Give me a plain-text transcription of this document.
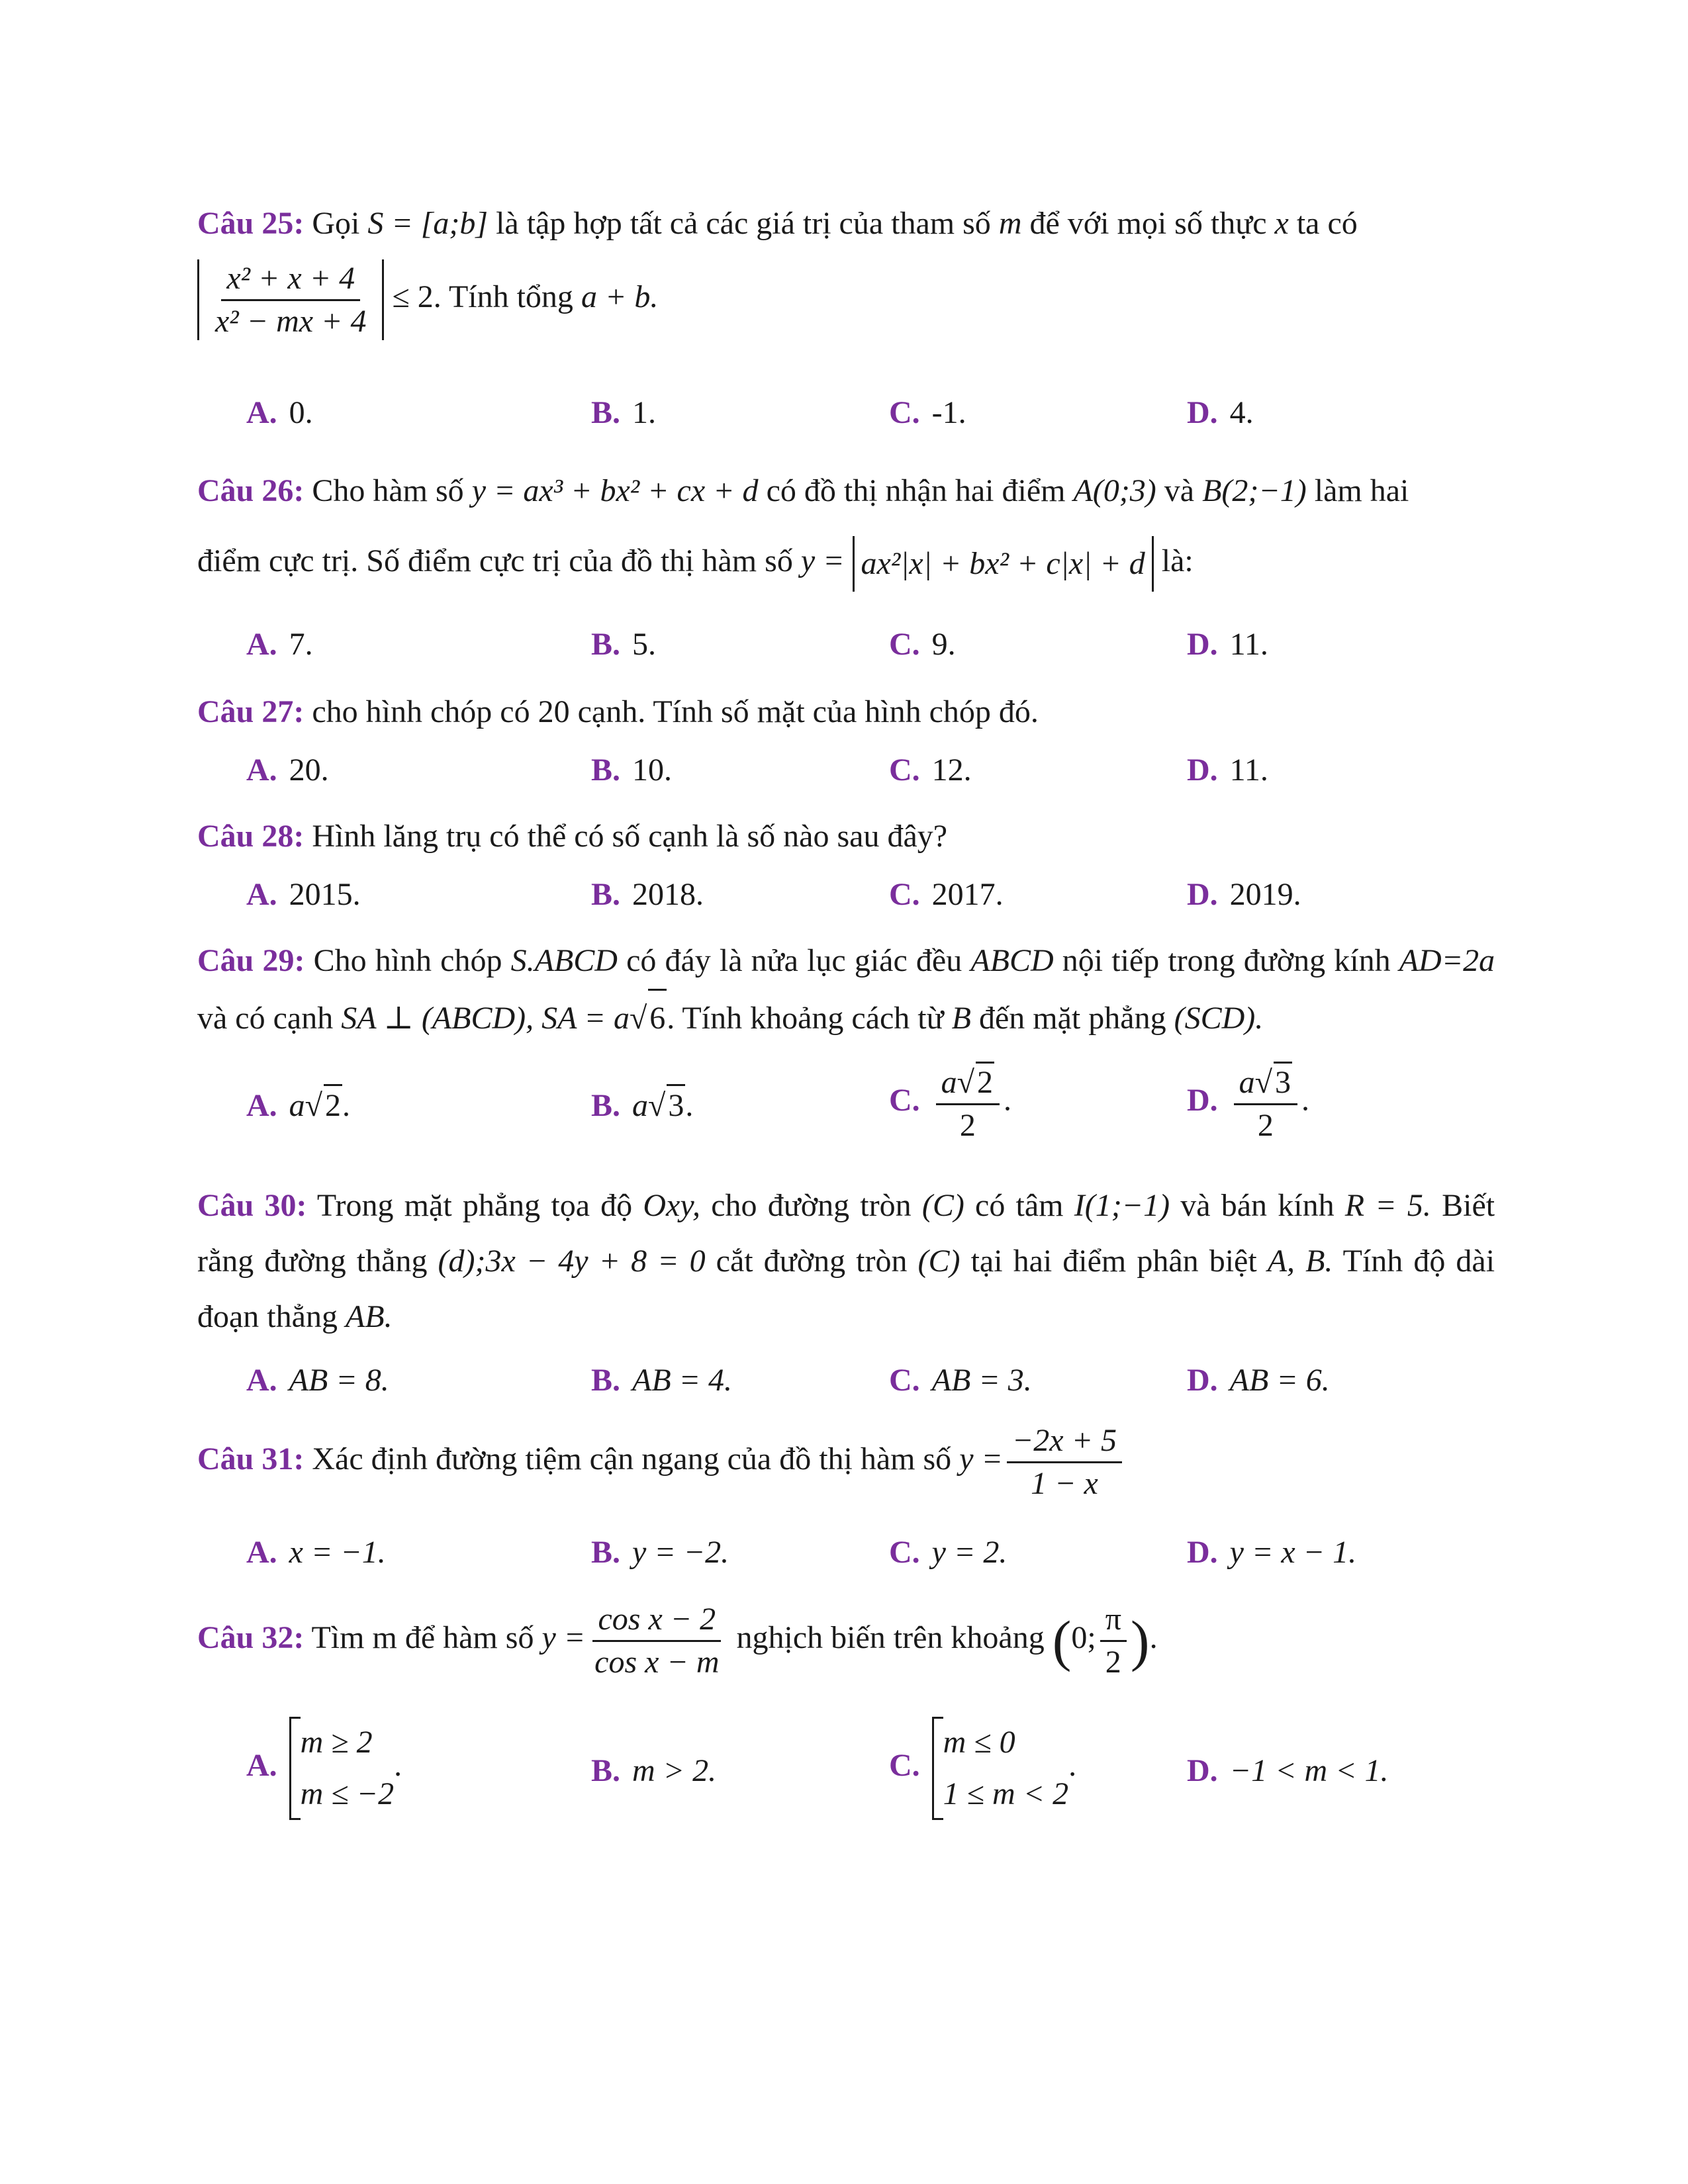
Câu 25: Gọi S = [a;b] là tập hợp tất cả các giá trị của tham số m để với mọi số thực x ta có
$\frac{\text{x² + x + 4}}{\text{x² − mx + 4}} \le 2$. Tính tổng a + b.
A. 0.	B. 1.	C. -1.	D. 4.
Câu 26: Cho hàm số y = ax³ + bx² + cx + d có đồ thị nhận hai điểm A(0;3) và B(2;−1) làm hai
điểm cực trị. Số điểm cực trị của đồ thị hàm số y = ax²|x| + bx² + c|x| + d là:
A. 7.	B. 5.	C. 9.	D. 11.
Câu 27: cho hình chóp có 20 cạnh. Tính số mặt của hình chóp đó.
A. 20.	B. 10.	C. 12.	D. 11.
Câu 28: Hình lăng trụ có thể có số cạnh là số nào sau đây?
A. 2015.	B. 2018.	C. 2017.	D. 2019.
Câu 29: Cho hình chóp S.ABCD có đáy là nửa lục giác đều ABCD nội tiếp trong đường kính AD=2a và có cạnh SA ⊥ (ABCD), SA = a√6. Tính khoảng cách từ B đến mặt phẳng (SCD).
A. a√2.	B. a√3.	C. $\frac{a√2}{2}$ .	D. $\frac{a√3}{2}$ .
Câu 30: Trong mặt phẳng tọa độ Oxy, cho đường tròn (C) có tâm I(1;−1) và bán kính R = 5. Biết rằng đường thẳng (d);3x − 4y + 8 = 0 cắt đường tròn (C) tại hai điểm phân biệt A, B. Tính độ dài đoạn thẳng AB.
A. AB = 8.	B. AB = 4.	C. AB = 3.	D. AB = 6.
Câu 31: Xác định đường tiệm cận ngang của đồ thị hàm số $y = \frac{-2x + 5}{1 - x}$
A. x = −1.	B. y = −2.	C. y = 2.	D. y = x − 1.
Câu 32: Tìm m để hàm số $y = \frac{\text{cos x − 2}}{\text{cos x − m}}$ nghịch biến trên khoảng (0; $\frac{\pi}{2}$ ).
A.m ≥ 2
m ≤ −2.	B. m > 2.	C.m ≤ 0
1 ≤ m < 2.	D. −1 < m < 1.
